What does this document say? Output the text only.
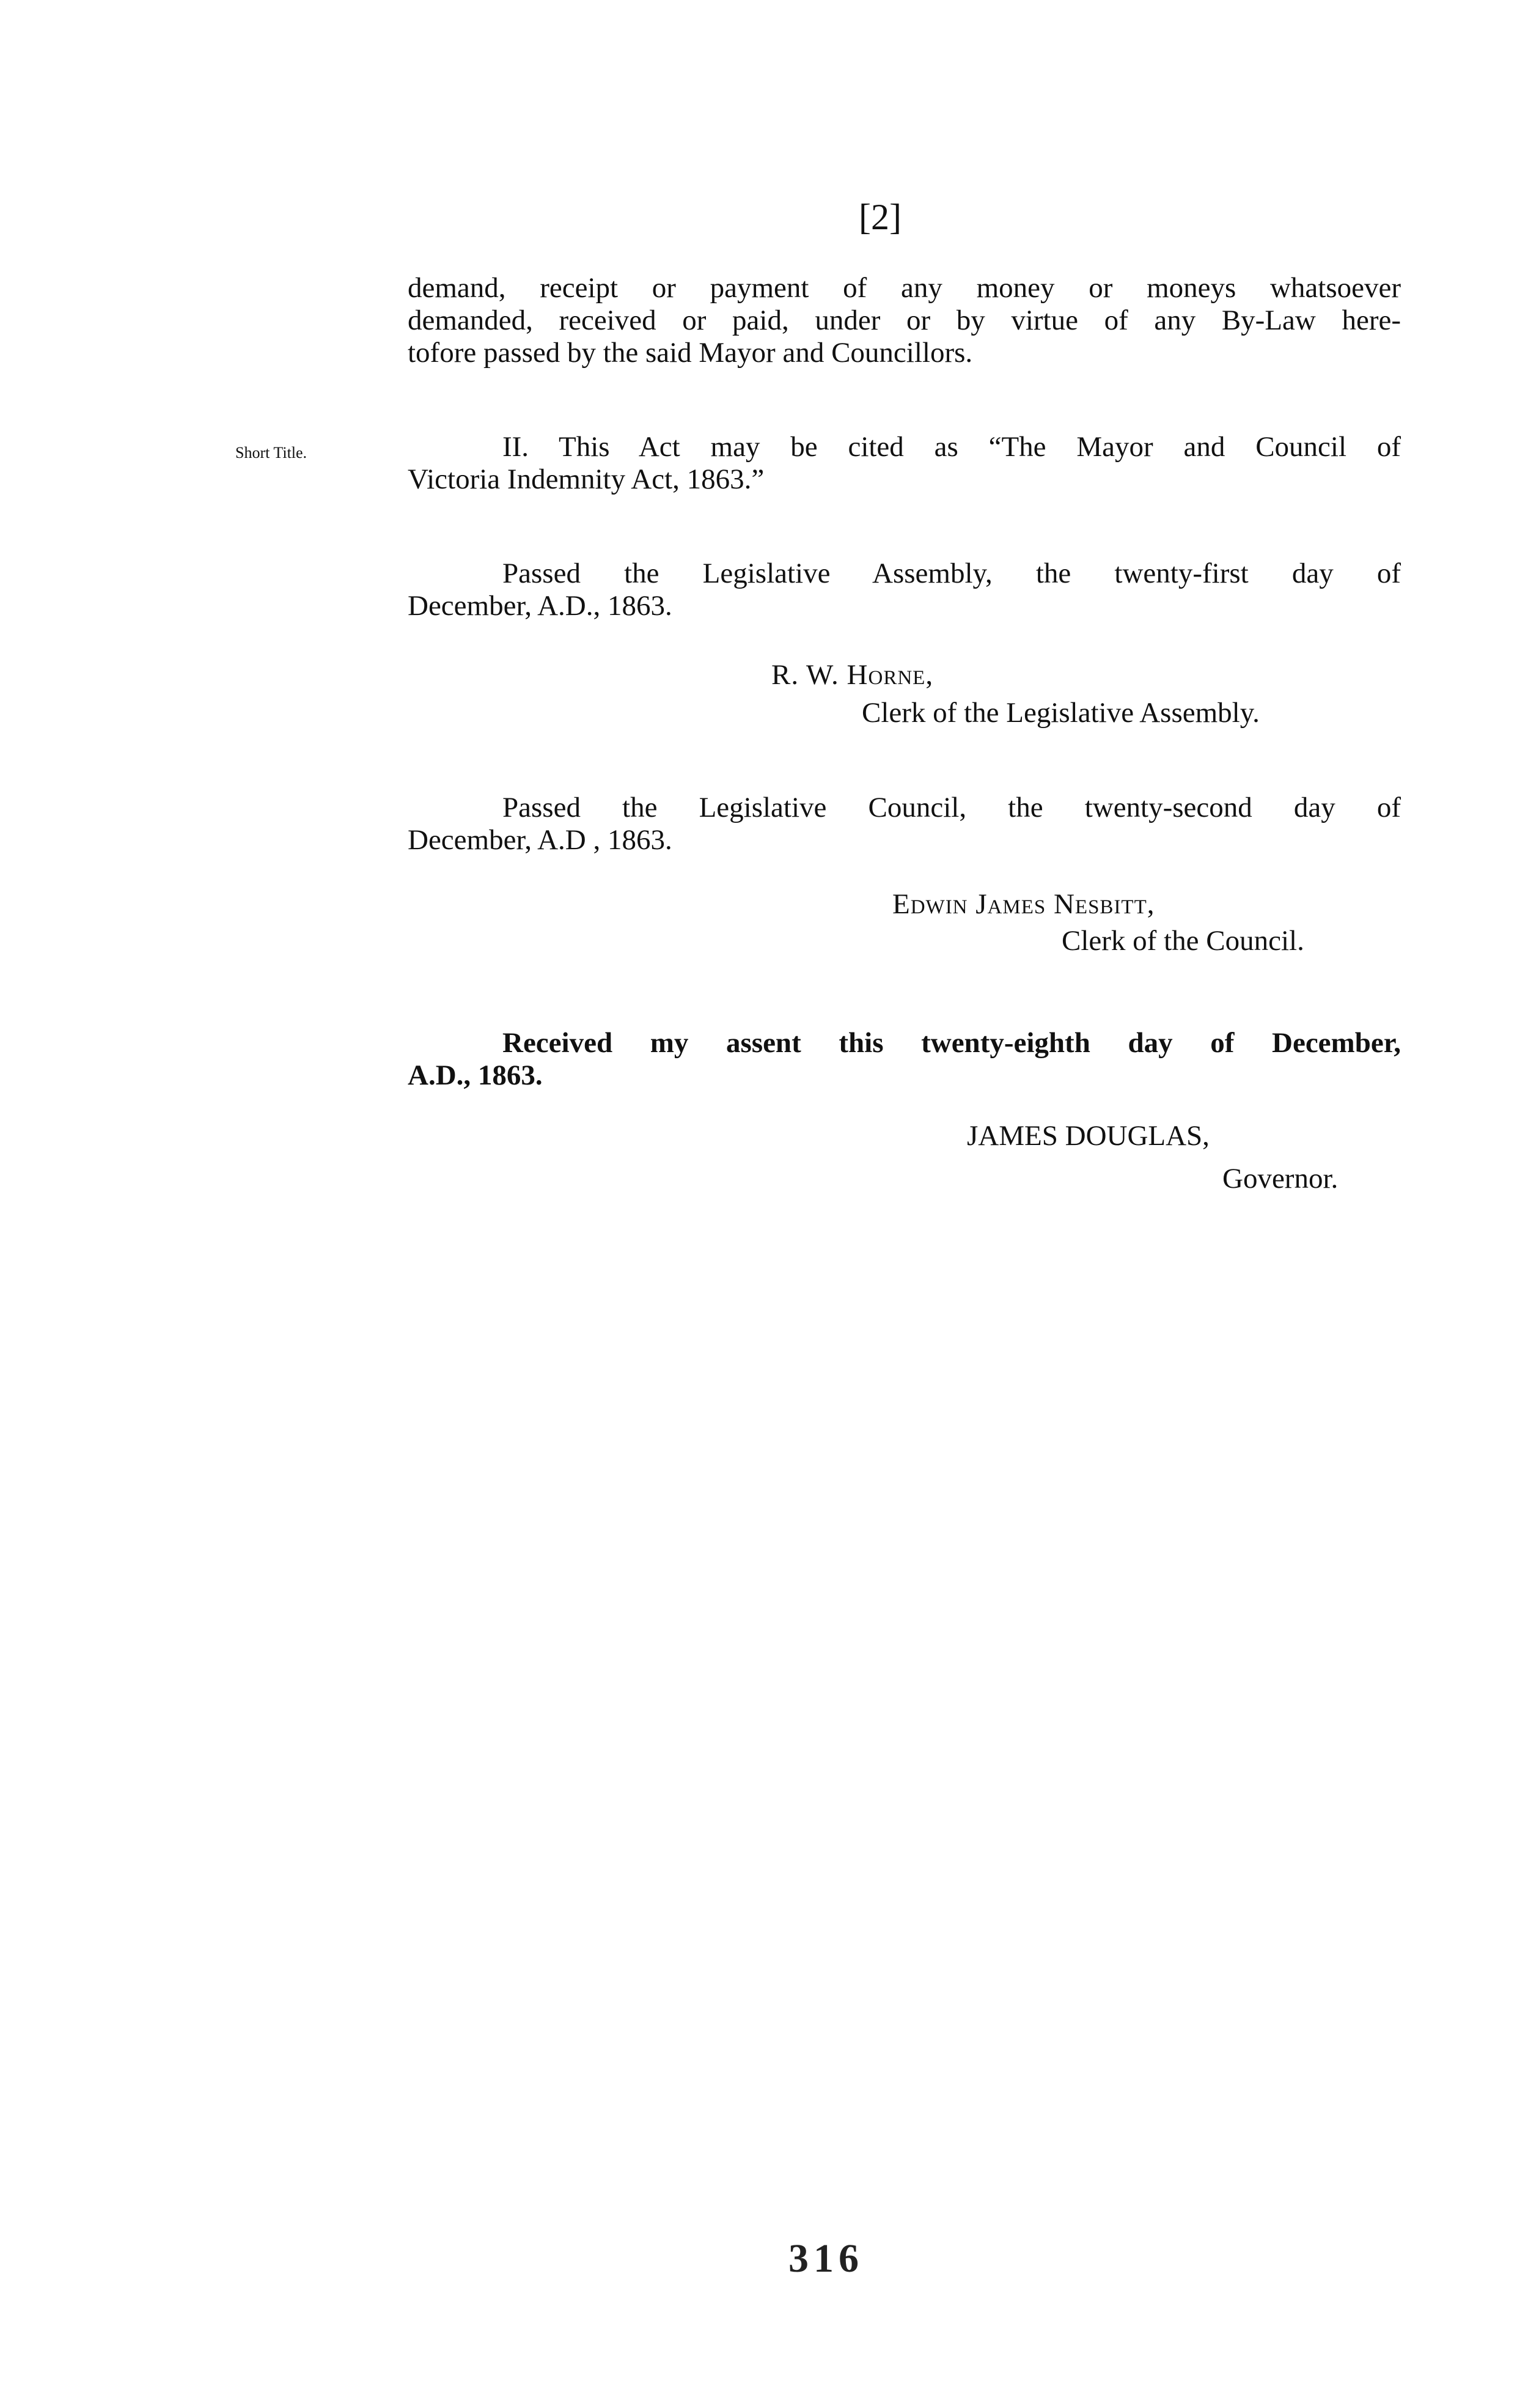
[2]
demand, receipt or payment of any money or moneys whatsoever
demanded, received or paid, under or by virtue of any By-Law here-
tofore passed by the said Mayor and Councillors.
Short Title.	II. This Act may be cited as “The Mayor and Council of
Victoria Indemnity Act, 1863.”
Passed the Legislative Assembly, the twenty-first day of
December, A.D., 1863.
R. W. Horne,
Clerk of the Legislative Assembly.
Passed the Legislative Council, the twenty-second day of
December, A.D , 1863.
Edwin James Nesbitt,
Clerk of the Council.
Received my assent this twenty-eighth day of December,
A.D., 1863.
JAMES DOUGLAS,
Governor.
316
